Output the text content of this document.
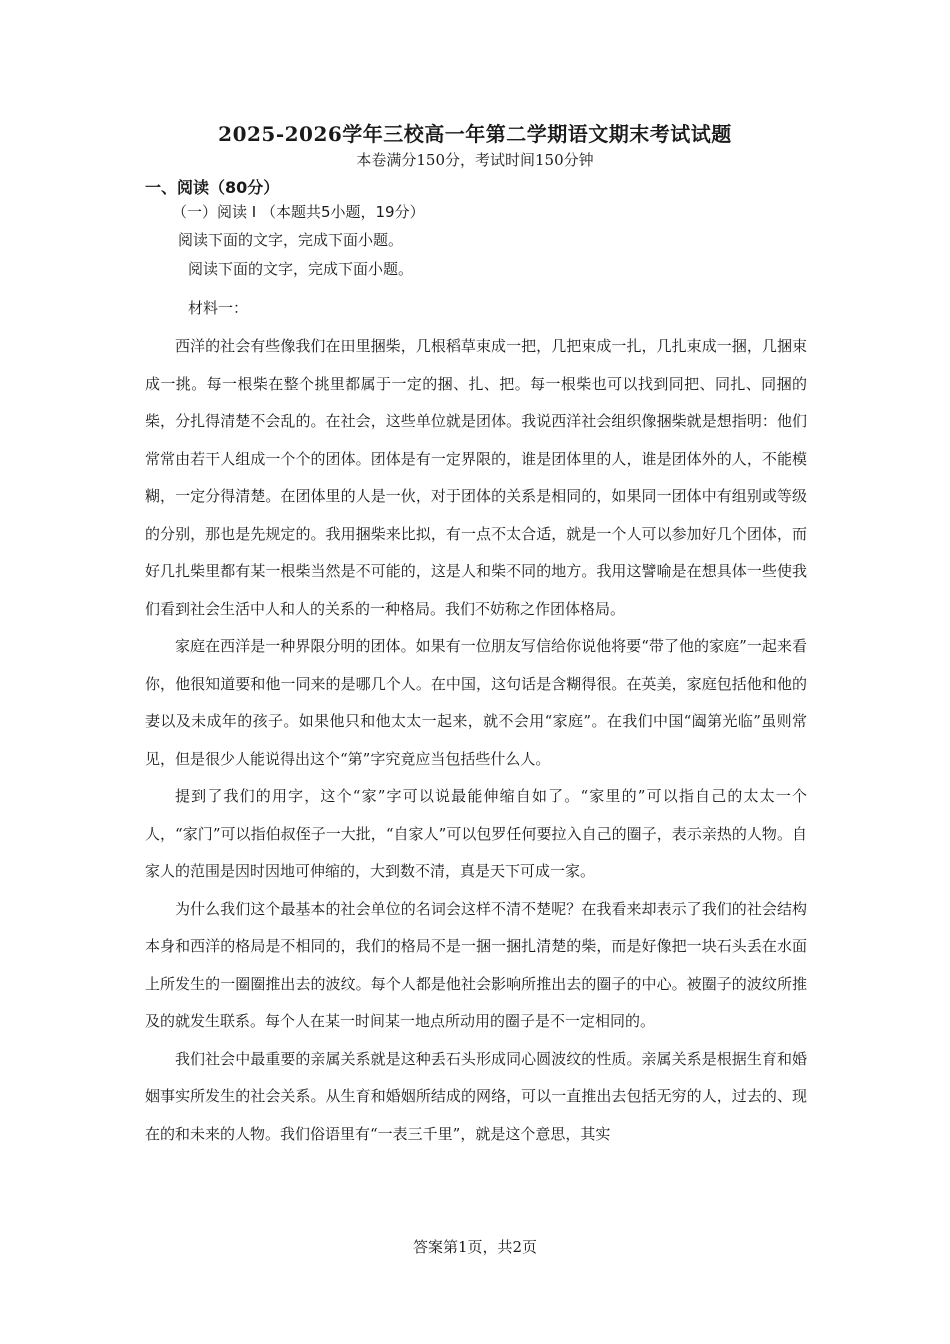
2025-2026学年三校高一年第二学期语文期末考试试题
本卷满分150分，考试时间150分钟
一、阅读（80分）
（一）阅读 I （本题共5小题，19分）
阅读下面的文字，完成下面小题。
阅读下面的文字，完成下面小题。
材料一：

西洋的社会有些像我们在田里捆柴，几根稻草束成一把，几把束成一扎，几扎束成一捆，几捆束成一挑。每一根柴在整个挑里都属于一定的捆、扎、把。每一根柴也可以找到同把、同扎、同捆的柴，分扎得清楚不会乱的。在社会，这些单位就是团体。我说西洋社会组织像捆柴就是想指明：他们常常由若干人组成一个个的团体。团体是有一定界限的，谁是团体里的人，谁是团体外的人，不能模糊，一定分得清楚。在团体里的人是一伙，对于团体的关系是相同的，如果同一团体中有组别或等级的分别，那也是先规定的。我用捆柴来比拟，有一点不太合适，就是一个人可以参加好几个团体，而好几扎柴里都有某一根柴当然是不可能的，这是人和柴不同的地方。我用这譬喻是在想具体一些使我们看到社会生活中人和人的关系的一种格局。我们不妨称之作团体格局。

家庭在西洋是一种界限分明的团体。如果有一位朋友写信给你说他将要“带了他的家庭”一起来看你，他很知道要和他一同来的是哪几个人。在中国，这句话是含糊得很。在英美，家庭包括他和他的妻以及未成年的孩子。如果他只和他太太一起来，就不会用“家庭”。在我们中国“阖第光临”虽则常见，但是很少人能说得出这个“第”字究竟应当包括些什么人。

提到了我们的用字，这个“家”字可以说最能伸缩自如了。“家里的”可以指自己的太太一个人，“家门”可以指伯叔侄子一大批，“自家人”可以包罗任何要拉入自己的圈子，表示亲热的人物。自家人的范围是因时因地可伸缩的，大到数不清，真是天下可成一家。

为什么我们这个最基本的社会单位的名词会这样不清不楚呢？在我看来却表示了我们的社会结构本身和西洋的格局是不相同的，我们的格局不是一捆一捆扎清楚的柴，而是好像把一块石头丢在水面上所发生的一圈圈推出去的波纹。每个人都是他社会影响所推出去的圈子的中心。被圈子的波纹所推及的就发生联系。每个人在某一时间某一地点所动用的圈子是不一定相同的。

我们社会中最重要的亲属关系就是这种丢石头形成同心圆波纹的性质。亲属关系是根据生育和婚姻事实所发生的社会关系。从生育和婚姻所结成的网络，可以一直推出去包括无穷的人，过去的、现在的和未来的人物。我们俗语里有“一表三千里”，就是这个意思，其实

答案第1页，共2页
